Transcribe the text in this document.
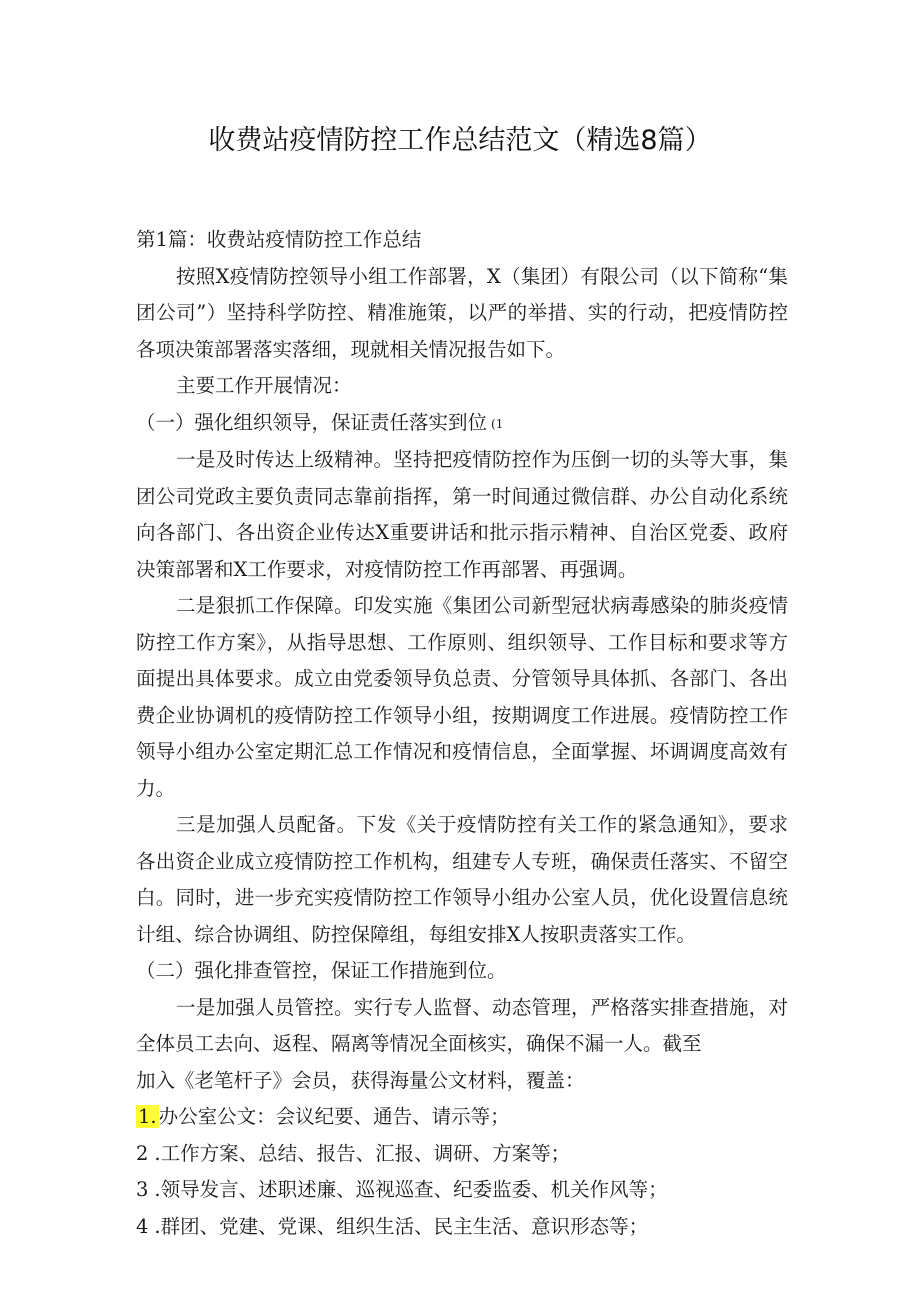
收费站疫情防控工作总结范文（精选8篇）

第1篇：收费站疫情防控工作总结

按照X疫情防控领导小组工作部署，X（集团）有限公司（以下简称“集团公司”）坚持科学防控、精准施策，以严的举措、实的行动，把疫情防控各项决策部署落实落细，现就相关情况报告如下。

主要工作开展情况：

（一）强化组织领导，保证责任落实到位 (1

一是及时传达上级精神。坚持把疫情防控作为压倒一切的头等大事，集团公司党政主要负责同志靠前指挥，第一时间通过微信群、办公自动化系统向各部门、各出资企业传达X重要讲话和批示指示精神、自治区党委、政府决策部署和X工作要求，对疫情防控工作再部署、再强调。

二是狠抓工作保障。印发实施《集团公司新型冠状病毒感染的肺炎疫情防控工作方案》，从指导思想、工作原则、组织领导、工作目标和要求等方面提出具体要求。成立由党委领导负总责、分管领导具体抓、各部门、各出费企业协调机的疫情防控工作领导小组，按期调度工作进展。疫情防控工作领导小组办公室定期汇总工作情况和疫情信息，全面掌握、坏调调度高效有力。

三是加强人员配备。下发《关于疫情防控有关工作的紧急通知》，要求各出资企业成立疫情防控工作机构，组建专人专班，确保责任落实、不留空白。同时，进一步充实疫情防控工作领导小组办公室人员，优化设置信息统计组、综合协调组、防控保障组，每组安排X人按职责落实工作。

（二）强化排查管控，保证工作措施到位。

一是加强人员管控。实行专人监督、动态管理，严格落实排查措施，对全体员工去向、返程、隔离等情况全面核实，确保不漏一人。截至

加入《老笔杆子》会员，获得海量公文材料，覆盖：

1. 办公室公文：会议纪要、通告、请示等；

2 .工作方案、总结、报告、汇报、调研、方案等；

3 .领导发言、述职述廉、巡视巡查、纪委监委、机关作风等；

4 .群团、党建、党课、组织生活、民主生活、意识形态等；
